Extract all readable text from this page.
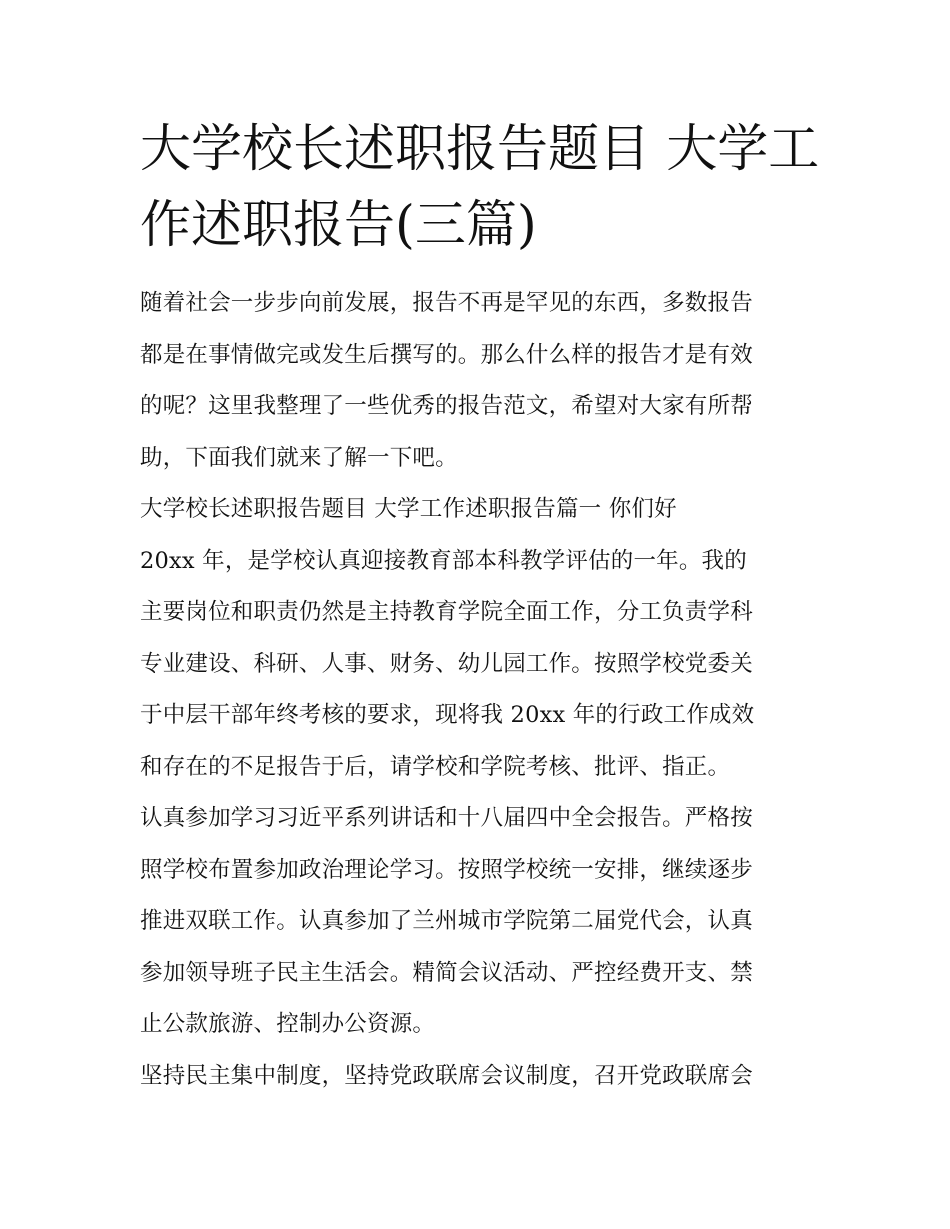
大学校长述职报告题目 大学工
作述职报告(三篇)

随着社会一步步向前发展，报告不再是罕见的东西，多数报告
都是在事情做完或发生后撰写的。那么什么样的报告才是有效
的呢？这里我整理了一些优秀的报告范文，希望对大家有所帮
助，下面我们就来了解一下吧。

大学校长述职报告题目 大学工作述职报告篇一 你们好

20xx 年，是学校认真迎接教育部本科教学评估的一年。我的
主要岗位和职责仍然是主持教育学院全面工作，分工负责学科
专业建设、科研、人事、财务、幼儿园工作。按照学校党委关
于中层干部年终考核的要求，现将我 20xx 年的行政工作成效
和存在的不足报告于后，请学校和学院考核、批评、指正。

认真参加学习习近平系列讲话和十八届四中全会报告。严格按
照学校布置参加政治理论学习。按照学校统一安排，继续逐步
推进双联工作。认真参加了兰州城市学院第二届党代会，认真
参加领导班子民主生活会。精简会议活动、严控经费开支、禁
止公款旅游、控制办公资源。

坚持民主集中制度，坚持党政联席会议制度，召开党政联席会
